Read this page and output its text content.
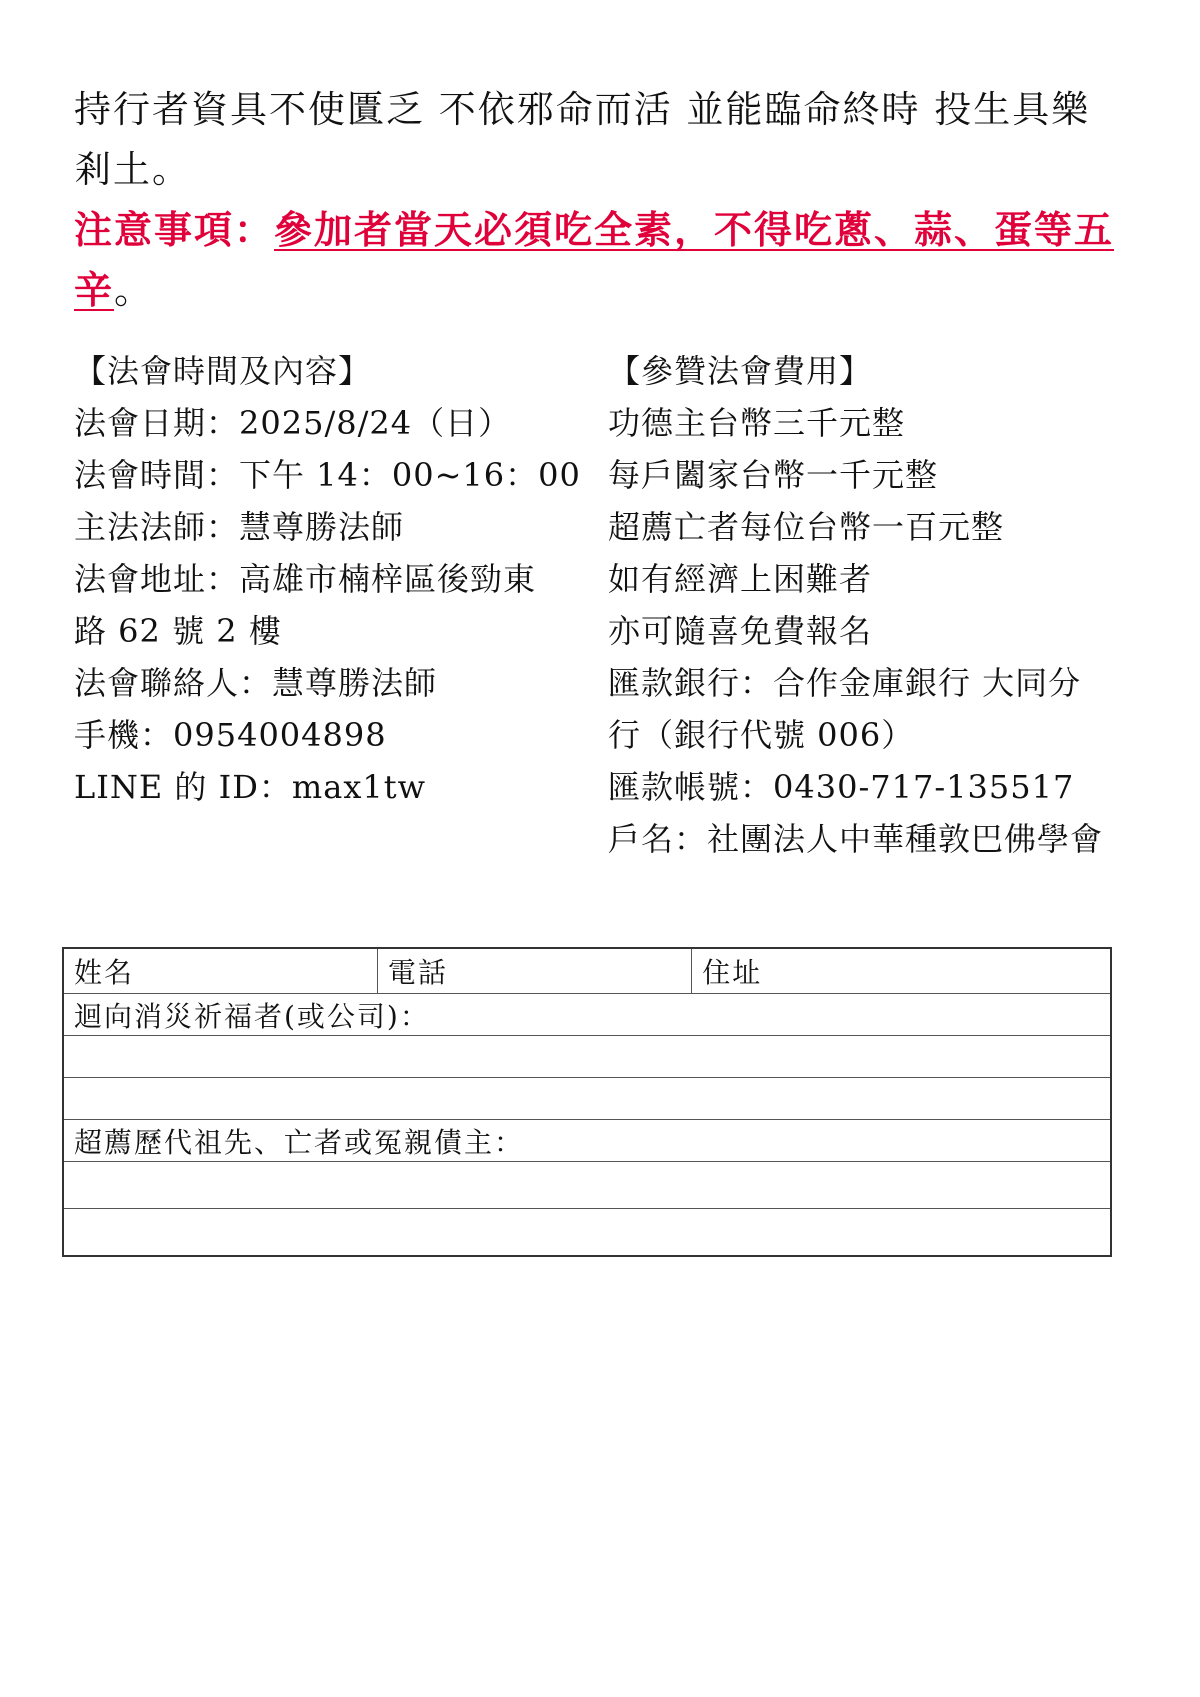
持行者資具不使匱乏 不依邪命而活 並能臨命終時 投生具樂剎土。
注意事項：參加者當天必須吃全素，不得吃蔥、蒜、蛋等五辛。
【法會時間及內容】
法會日期：2025/8/24（日）
法會時間：下午 14：00~16：00
主法法師：慧尊勝法師
法會地址：高雄市楠梓區後勁東路 62 號 2 樓
法會聯絡人：慧尊勝法師
手機：0954004898
LINE 的 ID：max1tw
【參贊法會費用】
功德主台幣三千元整
每戶闔家台幣一千元整
超薦亡者每位台幣一百元整
如有經濟上困難者
亦可隨喜免費報名
匯款銀行：合作金庫銀行 大同分行（銀行代號 006）
匯款帳號：0430-717-135517
戶名：社團法人中華種敦巴佛學會
姓名	電話	住址
迴向消災祈福者(或公司)：

超薦歷代祖先、亡者或冤親債主：
